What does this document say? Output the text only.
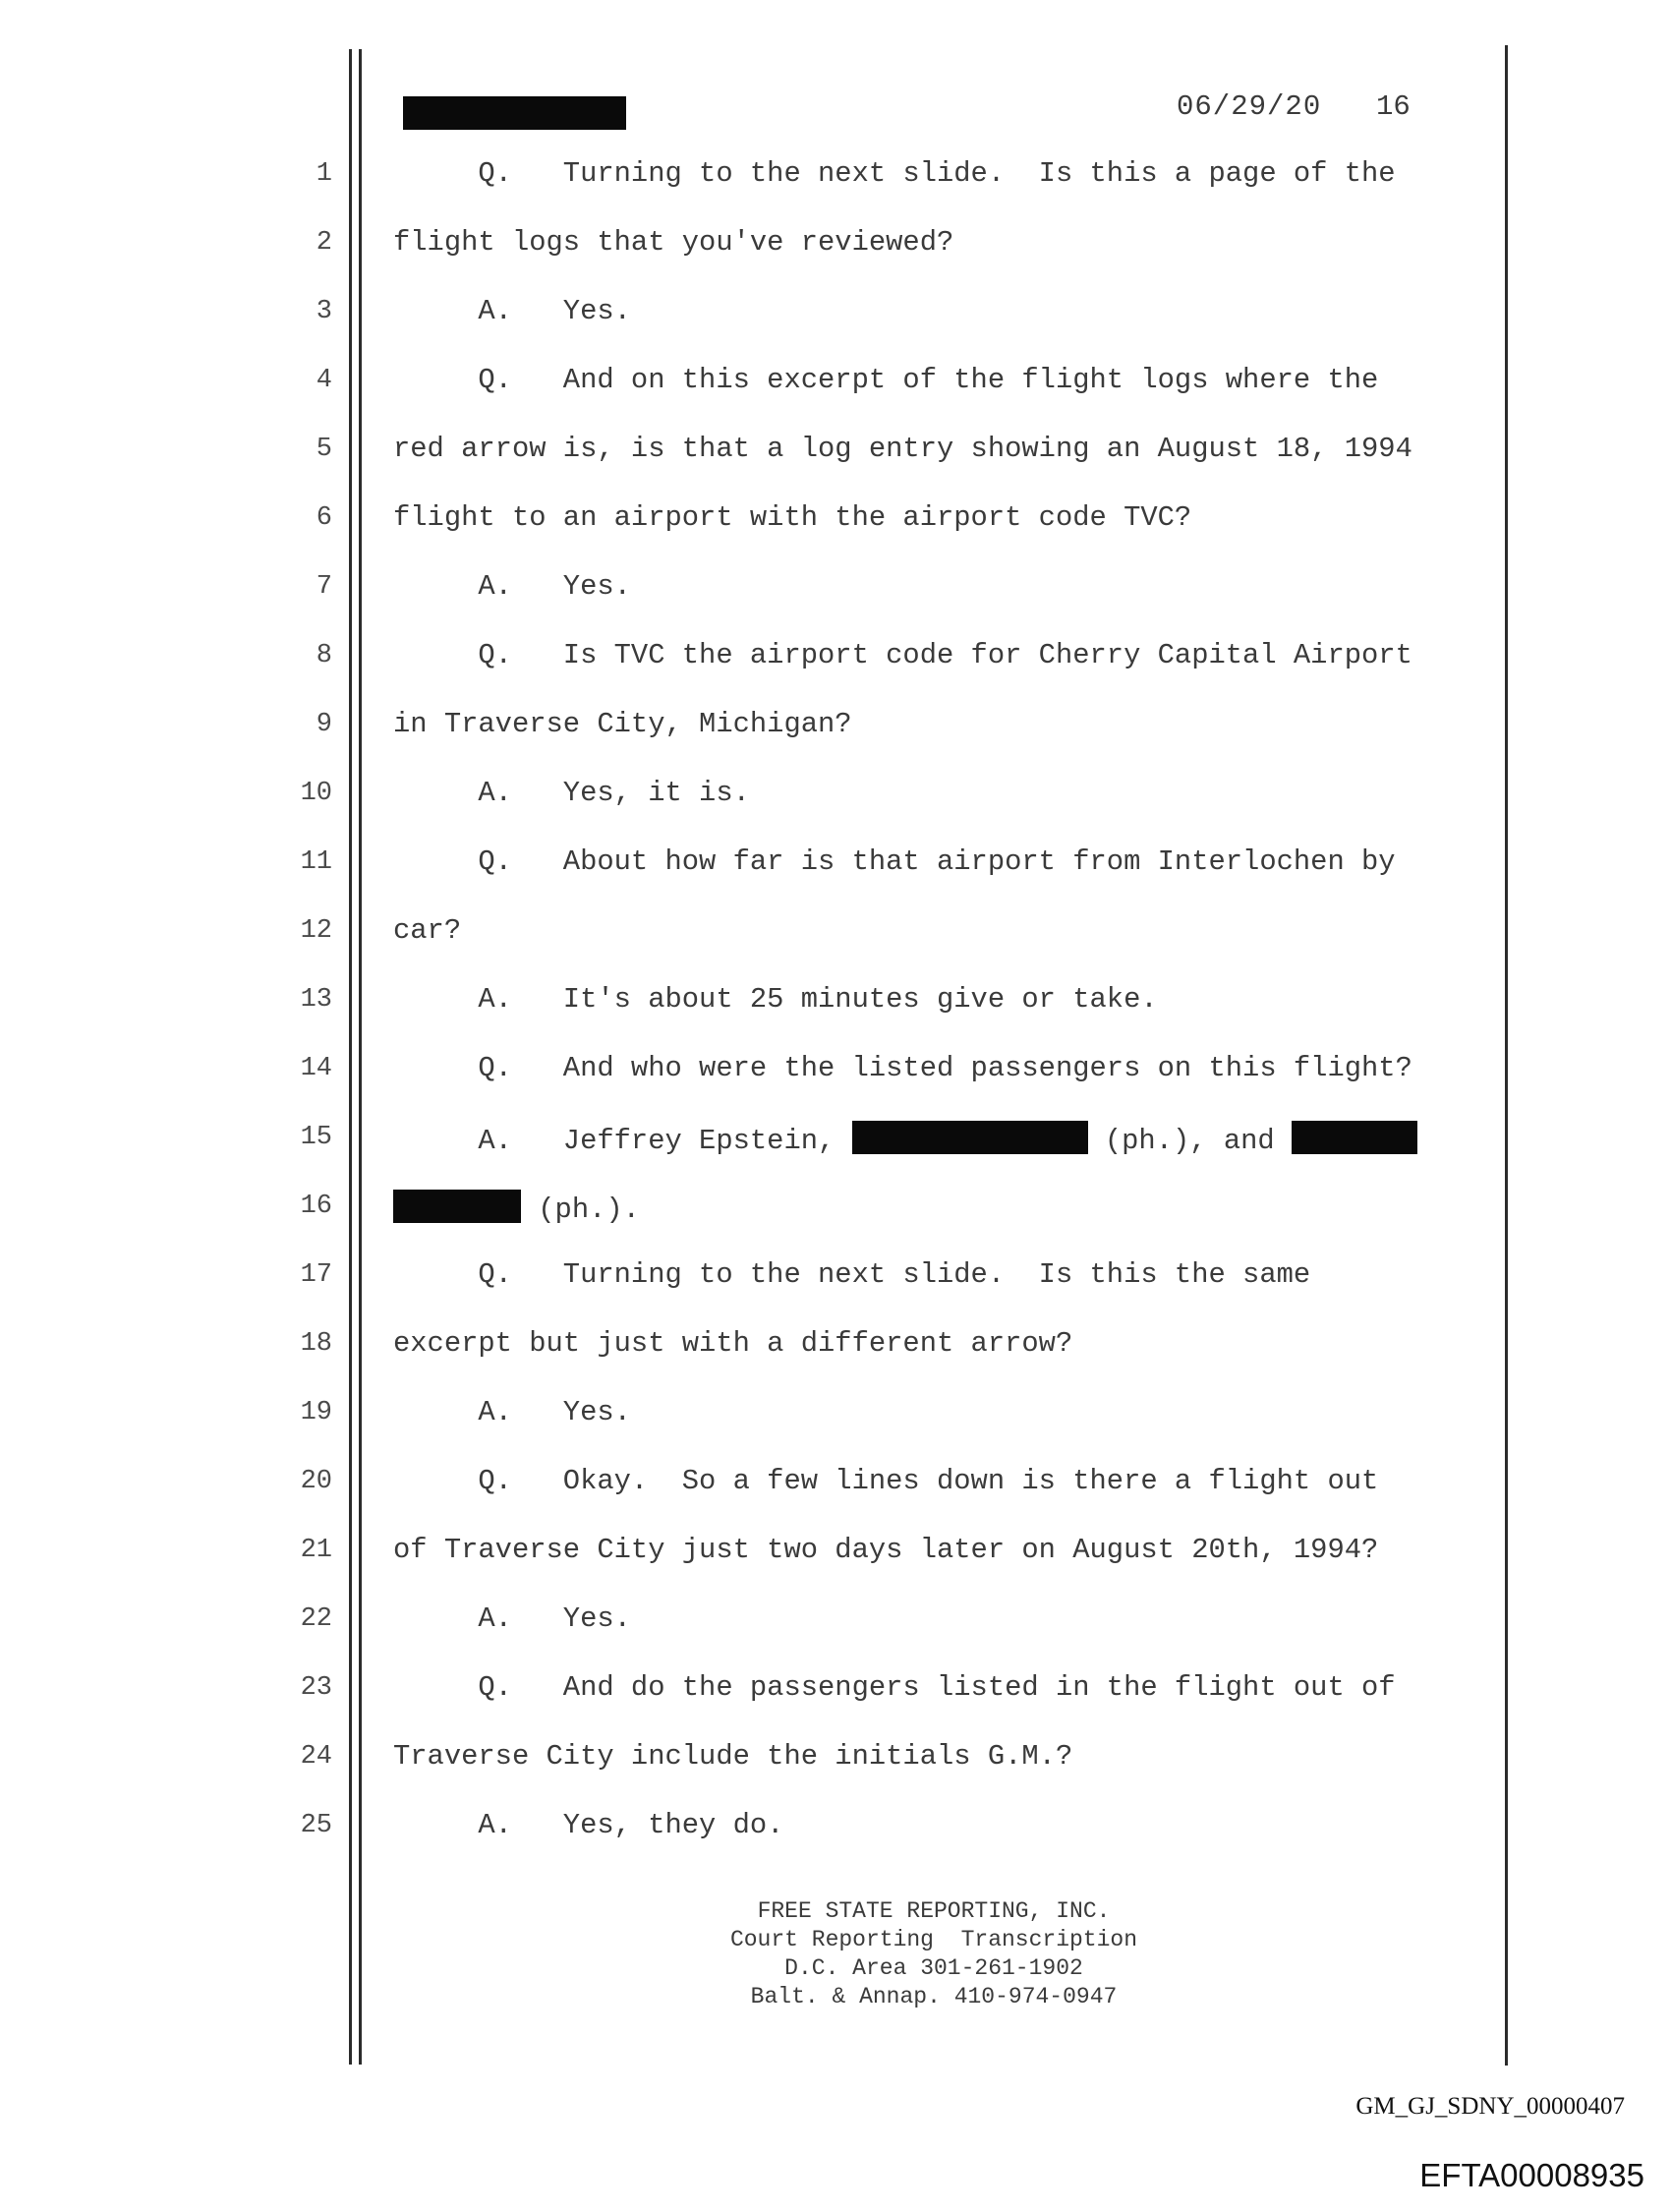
06/29/20 16
1 Q.   Turning to the next slide.  Is this a page of the
2 flight logs that you've reviewed?
3 A.   Yes.
4 Q.   And on this excerpt of the flight logs where the
5 red arrow is, is that a log entry showing an August 18, 1994
6 flight to an airport with the airport code TVC?
7 A.   Yes.
8 Q.   Is TVC the airport code for Cherry Capital Airport
9 in Traverse City, Michigan?
10 A.   Yes, it is.
11 Q.   About how far is that airport from Interlochen by
12 car?
13 A.   It's about 25 minutes give or take.
14 Q.   And who were the listed passengers on this flight?
15 A.   Jeffrey Epstein,	(ph.), and
16	(ph.).
17 Q.   Turning to the next slide.  Is this the same
18 excerpt but just with a different arrow?
19 A.   Yes.
20 Q.   Okay.  So a few lines down is there a flight out
21 of Traverse City just two days later on August 20th, 1994?
22 A.   Yes.
23 Q.   And do the passengers listed in the flight out of
24 Traverse City include the initials G.M.?
25 A.   Yes, they do.
FREE STATE REPORTING, INC.
Court Reporting  Transcription
D.C. Area 301-261-1902
Balt. & Annap. 410-974-0947
GM_GJ_SDNY_00000407
EFTA00008935
